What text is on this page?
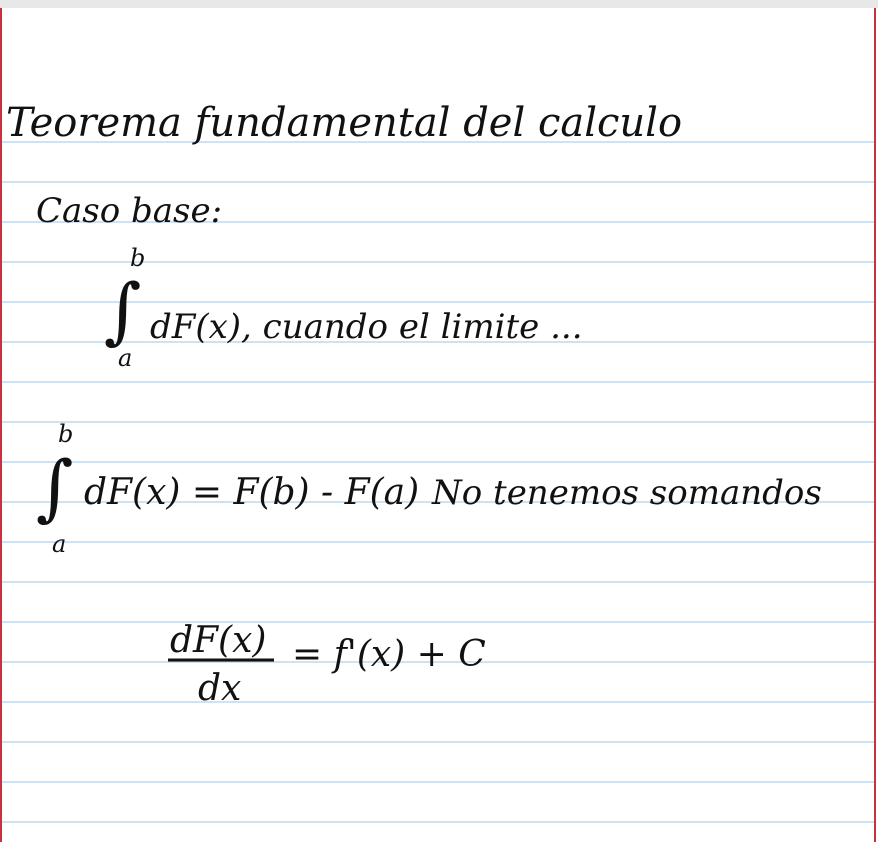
Teorema fundamental del calculo
Caso base:
∫
b
a
dF(x), cuando el limite ...
∫
b
a
dF(x) = F(b) - F(a) No tenemos somandos
dF(x)
dx
= f'(x) + C
